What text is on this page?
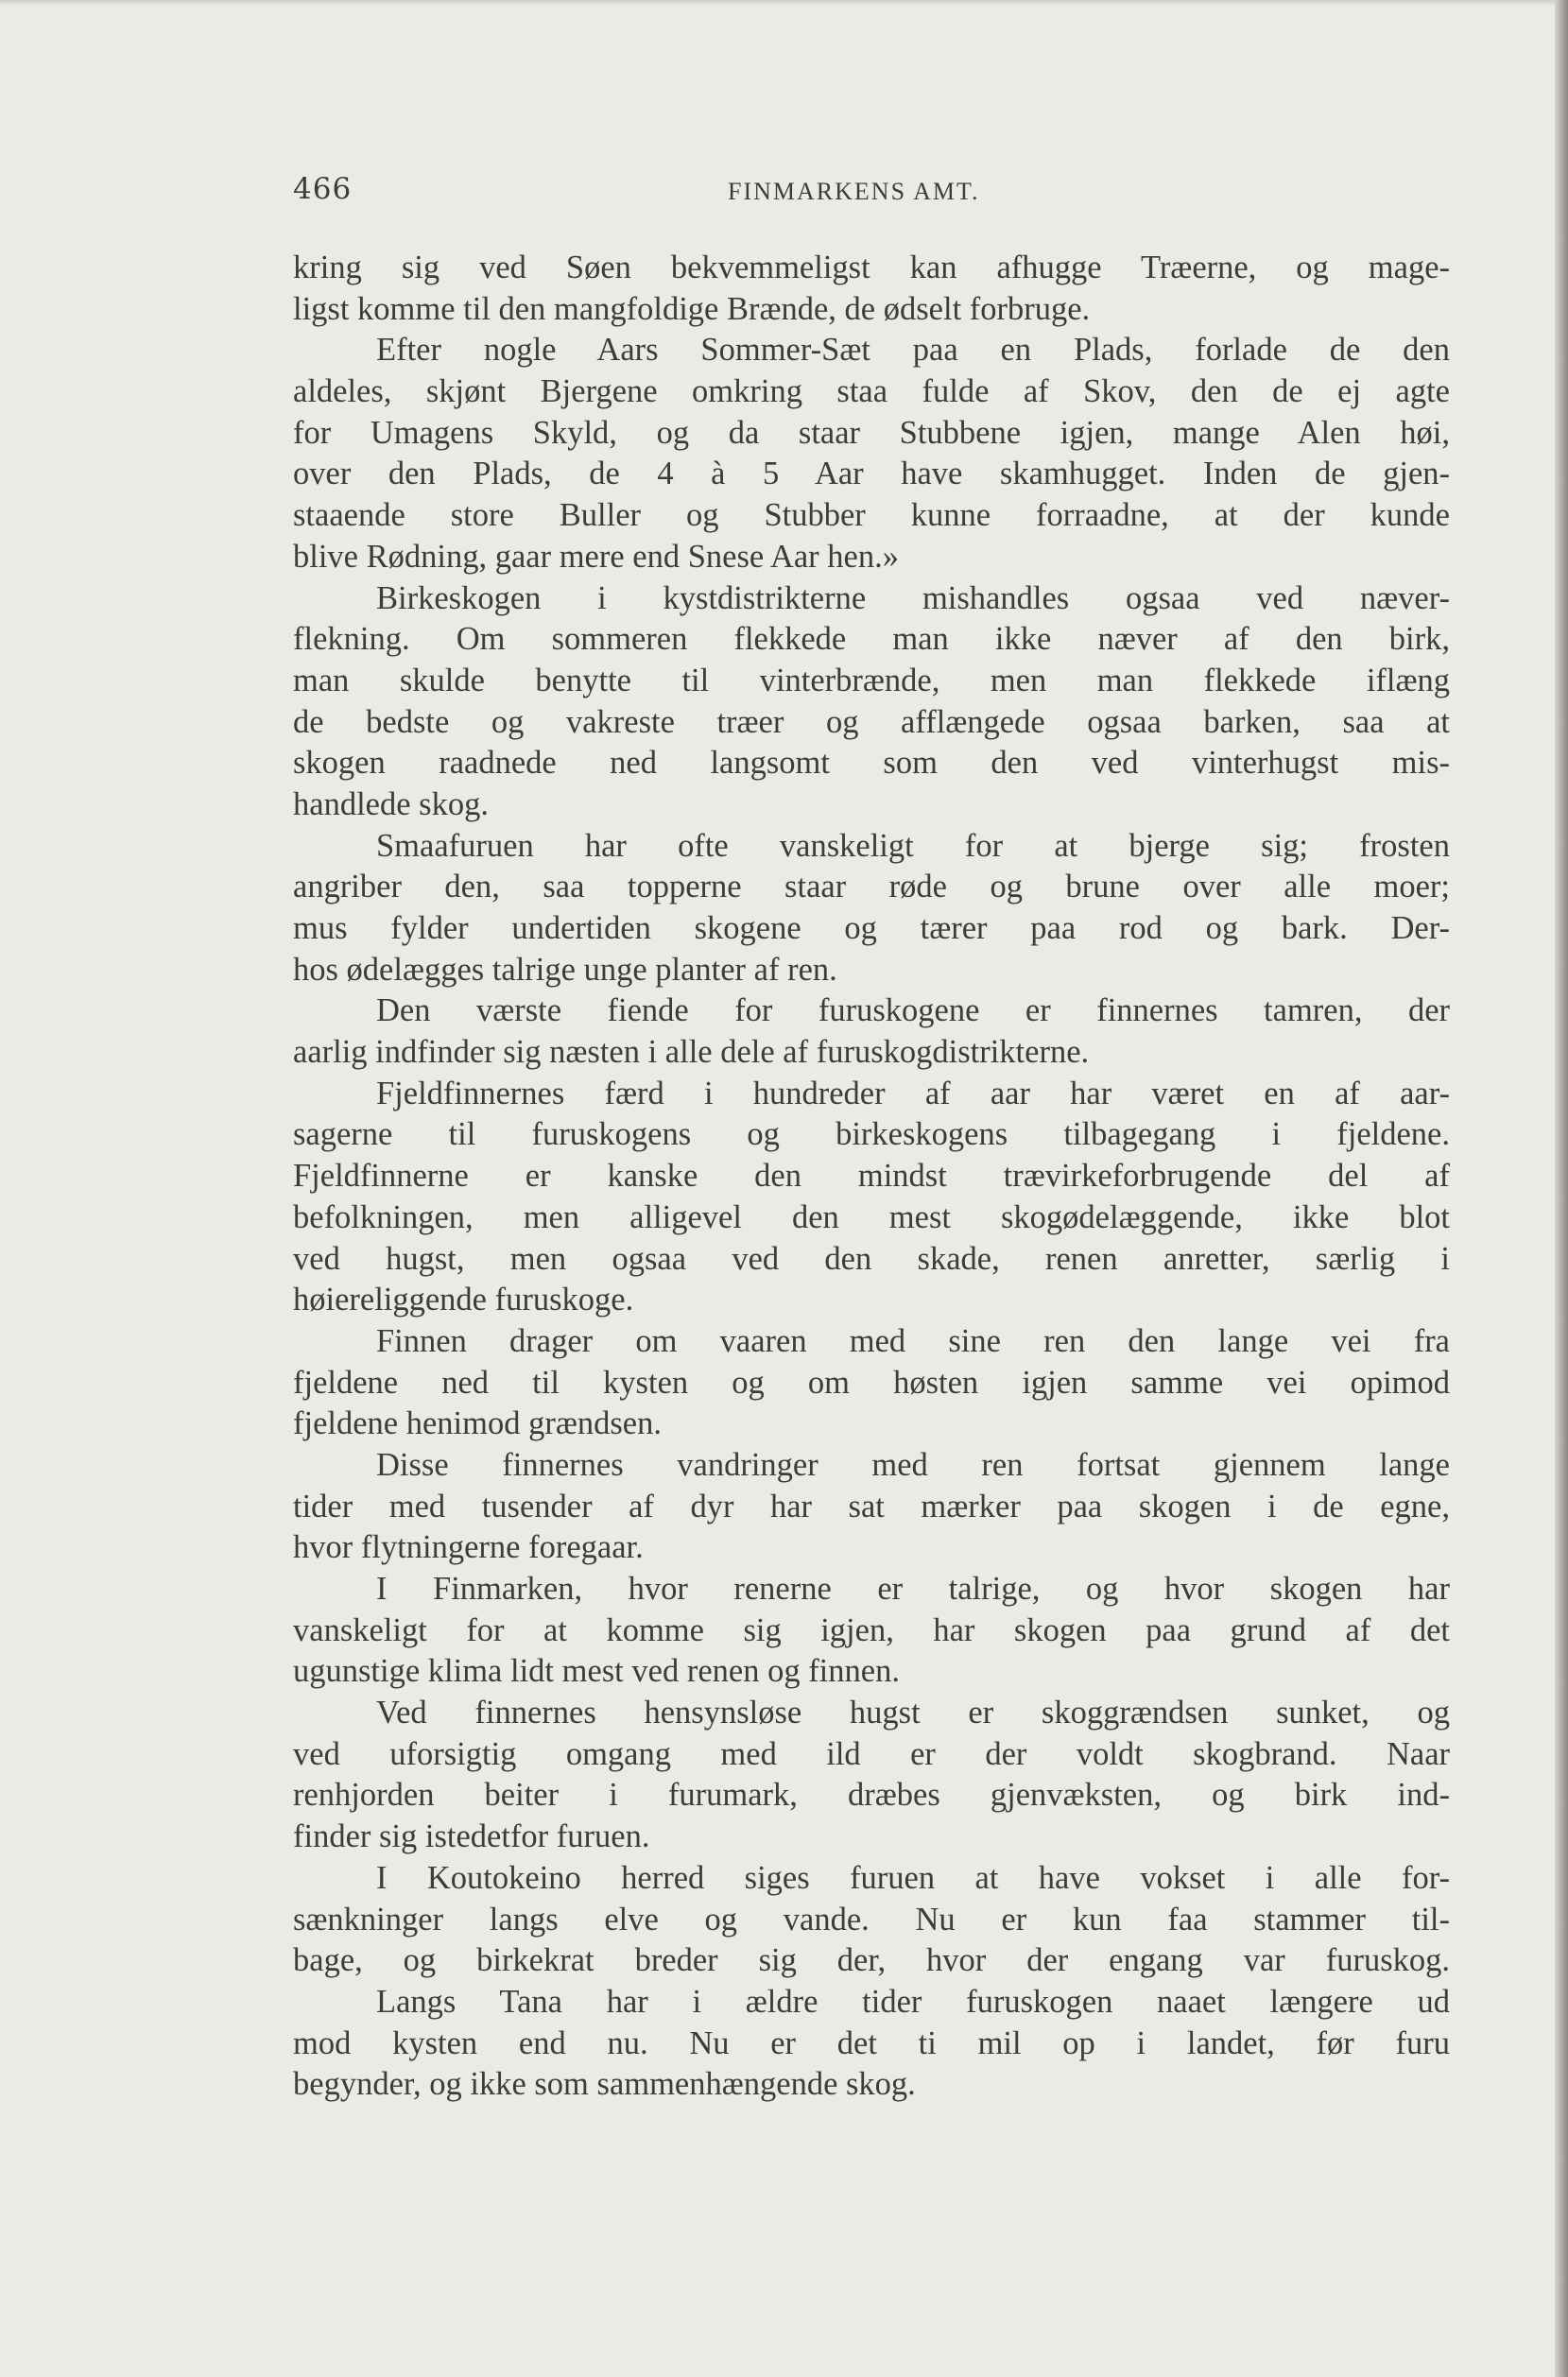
466	FINMARKENS AMT.
kring sig ved Søen bekvemmeligst kan afhugge Træerne, og mage-
ligst komme til den mangfoldige Brænde, de ødselt forbruge.
Efter nogle Aars Sommer-Sæt paa en Plads, forlade de den
aldeles, skjønt Bjergene omkring staa fulde af Skov, den de ej agte
for Umagens Skyld, og da staar Stubbene igjen, mange Alen høi,
over den Plads, de 4 à 5 Aar have skamhugget. Inden de gjen-
staaende store Buller og Stubber kunne forraadne, at der kunde
blive Rødning, gaar mere end Snese Aar hen.»
Birkeskogen i kystdistrikterne mishandles ogsaa ved næver-
flekning. Om sommeren flekkede man ikke næver af den birk,
man skulde benytte til vinterbrænde, men man flekkede iflæng
de bedste og vakreste træer og afflængede ogsaa barken, saa at
skogen raadnede ned langsomt som den ved vinterhugst mis-
handlede skog.
Smaafuruen har ofte vanskeligt for at bjerge sig; frosten
angriber den, saa topperne staar røde og brune over alle moer;
mus fylder undertiden skogene og tærer paa rod og bark. Der-
hos ødelægges talrige unge planter af ren.
Den værste fiende for furuskogene er finnernes tamren, der
aarlig indfinder sig næsten i alle dele af furuskogdistrikterne.
Fjeldfinnernes færd i hundreder af aar har været en af aar-
sagerne til furuskogens og birkeskogens tilbagegang i fjeldene.
Fjeldfinnerne er kanske den mindst trævirkeforbrugende del af
befolkningen, men alligevel den mest skogødelæggende, ikke blot
ved hugst, men ogsaa ved den skade, renen anretter, særlig i
høiereliggende furuskoge.
Finnen drager om vaaren med sine ren den lange vei fra
fjeldene ned til kysten og om høsten igjen samme vei opimod
fjeldene henimod grændsen.
Disse finnernes vandringer med ren fortsat gjennem lange
tider med tusender af dyr har sat mærker paa skogen i de egne,
hvor flytningerne foregaar.
I Finmarken, hvor renerne er talrige, og hvor skogen har
vanskeligt for at komme sig igjen, har skogen paa grund af det
ugunstige klima lidt mest ved renen og finnen.
Ved finnernes hensynsløse hugst er skoggrændsen sunket, og
ved uforsigtig omgang med ild er der voldt skogbrand. Naar
renhjorden beiter i furumark, dræbes gjenvæksten, og birk ind-
finder sig istedetfor furuen.
I Koutokeino herred siges furuen at have vokset i alle for-
sænkninger langs elve og vande. Nu er kun faa stammer til-
bage, og birkekrat breder sig der, hvor der engang var furuskog.
Langs Tana har i ældre tider furuskogen naaet længere ud
mod kysten end nu. Nu er det ti mil op i landet, før furu
begynder, og ikke som sammenhængende skog.
